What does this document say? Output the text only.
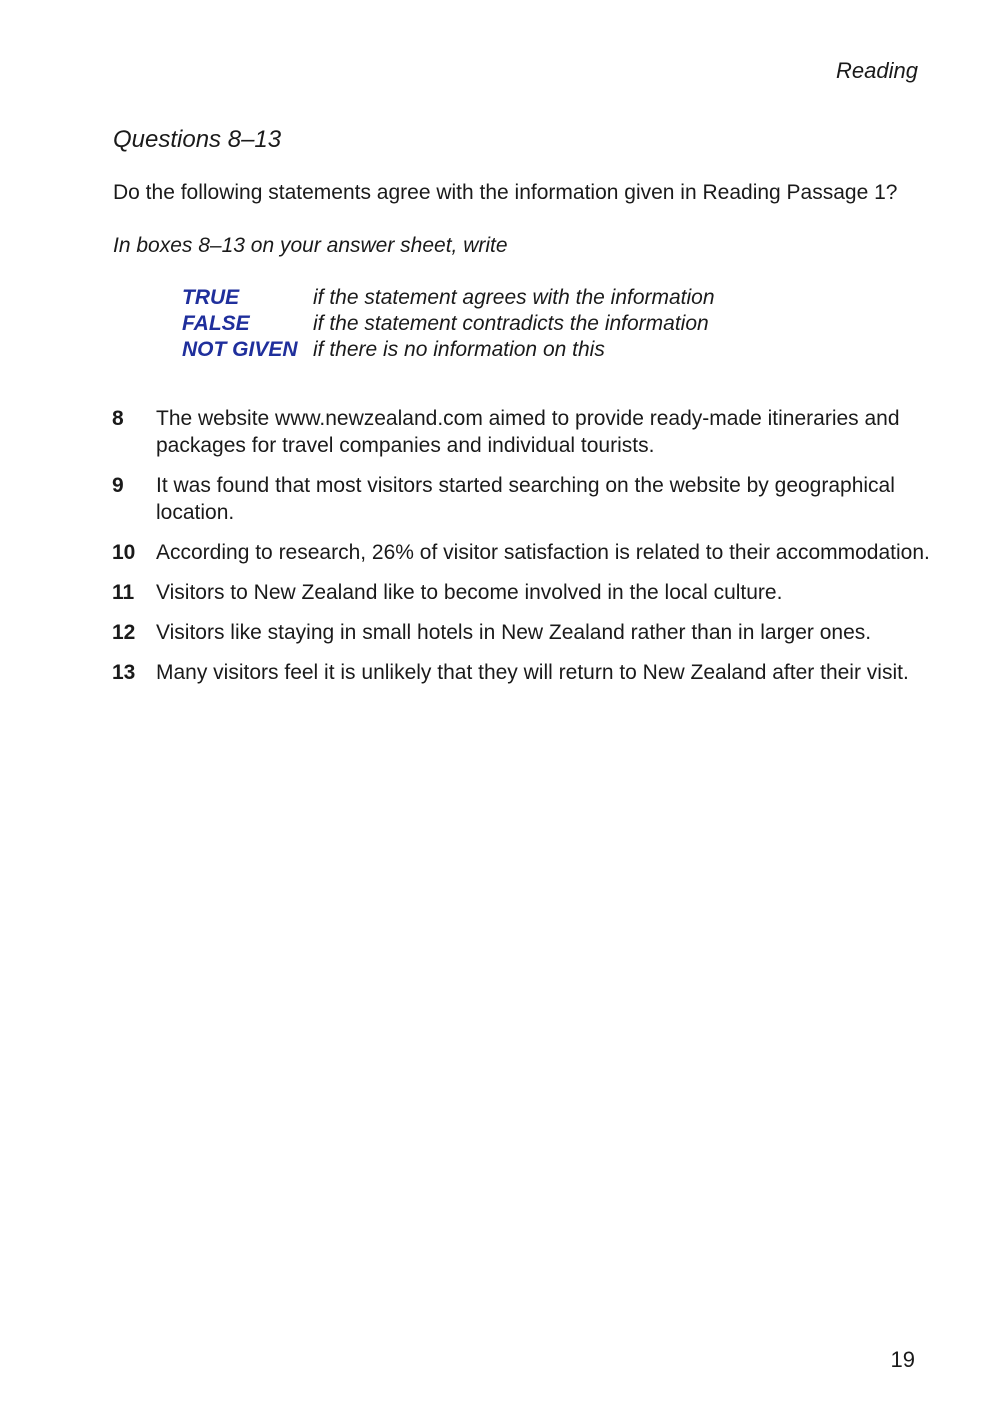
Reading
Questions 8–13
Do the following statements agree with the information given in Reading Passage 1?
In boxes 8–13 on your answer sheet, write
TRUE	if the statement agrees with the information
FALSE	if the statement contradicts the information
NOT GIVEN if there is no information on this
8	The website www.newzealand.com aimed to provide ready-made itineraries and packages for travel companies and individual tourists.
9	It was found that most visitors started searching on the website by geographical location.
10 According to research, 26% of visitor satisfaction is related to their accommodation.
11	Visitors to New Zealand like to become involved in the local culture.
12 Visitors like staying in small hotels in New Zealand rather than in larger ones.
13 Many visitors feel it is unlikely that they will return to New Zealand after their visit.
19
